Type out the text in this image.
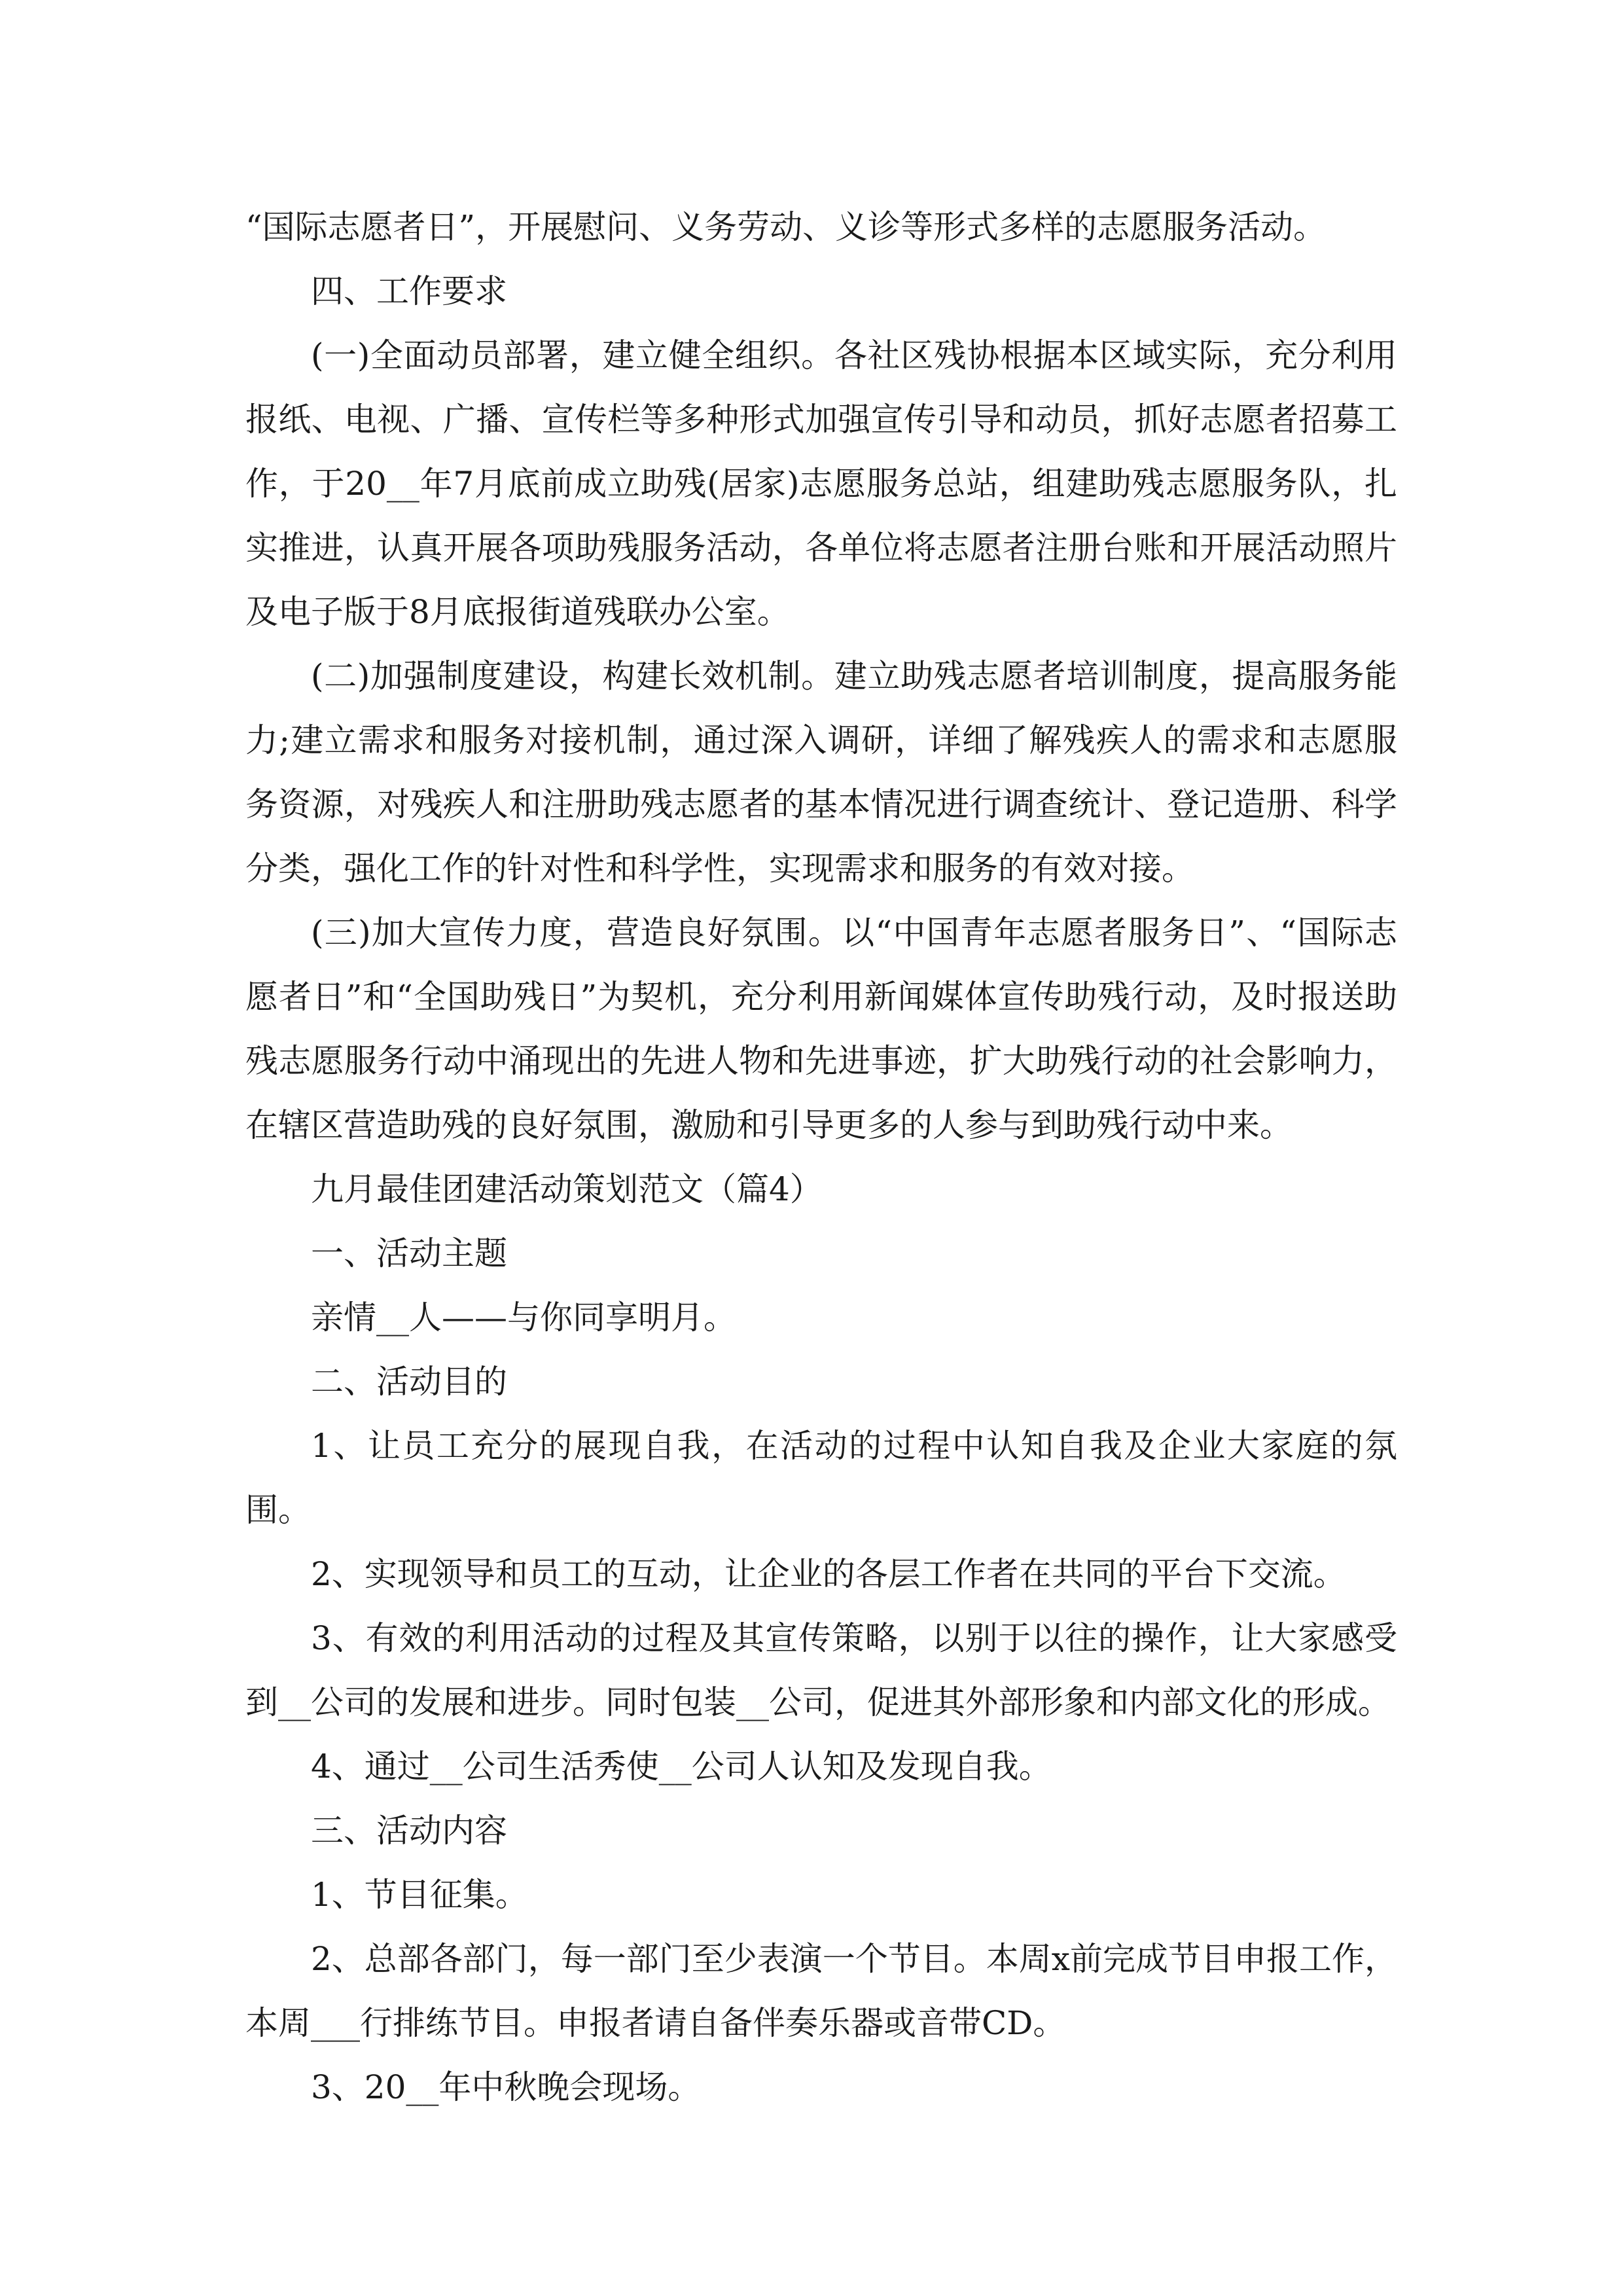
“国际志愿者日”，开展慰问、义务劳动、义诊等形式多样的志愿服务活动。

四、工作要求

(一)全面动员部署，建立健全组织。各社区残协根据本区域实际，充分利用报纸、电视、广播、宣传栏等多种形式加强宣传引导和动员，抓好志愿者招募工作，于20__年7月底前成立助残(居家)志愿服务总站，组建助残志愿服务队，扎实推进，认真开展各项助残服务活动，各单位将志愿者注册台账和开展活动照片及电子版于8月底报街道残联办公室。

(二)加强制度建设，构建长效机制。建立助残志愿者培训制度，提高服务能力;建立需求和服务对接机制，通过深入调研，详细了解残疾人的需求和志愿服务资源，对残疾人和注册助残志愿者的基本情况进行调查统计、登记造册、科学分类，强化工作的针对性和科学性，实现需求和服务的有效对接。

(三)加大宣传力度，营造良好氛围。以“中国青年志愿者服务日”、“国际志愿者日”和“全国助残日”为契机，充分利用新闻媒体宣传助残行动，及时报送助残志愿服务行动中涌现出的先进人物和先进事迹，扩大助残行动的社会影响力，在辖区营造助残的良好氛围，激励和引导更多的人参与到助残行动中来。

九月最佳团建活动策划范文（篇4）

一、活动主题

亲情__人——与你同享明月。

二、活动目的

1、让员工充分的展现自我，在活动的过程中认知自我及企业大家庭的氛围。

2、实现领导和员工的互动，让企业的各层工作者在共同的平台下交流。

3、有效的利用活动的过程及其宣传策略，以别于以往的操作，让大家感受到__公司的发展和进步。同时包装__公司，促进其外部形象和内部文化的形成。

4、通过__公司生活秀使__公司人认知及发现自我。

三、活动内容

1、节目征集。

2、总部各部门，每一部门至少表演一个节目。本周x前完成节目申报工作，本周___行排练节目。申报者请自备伴奏乐器或音带CD。

3、20__年中秋晚会现场。
